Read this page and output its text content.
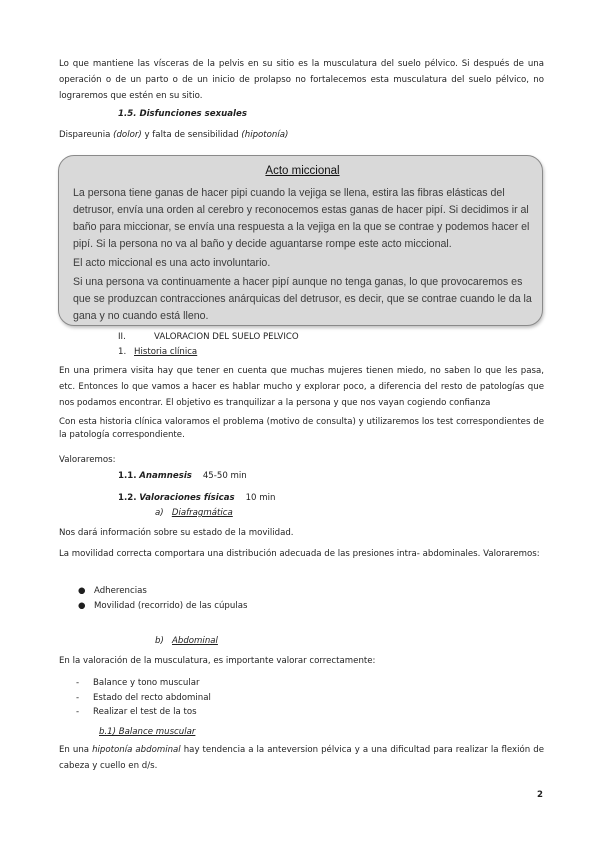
Lo que mantiene las vísceras de la pelvis en su sitio es la musculatura del suelo pélvico. Si después de una operación o de un parto o de un inicio de prolapso no fortalecemos esta musculatura del suelo pélvico, no lograremos que estén en su sitio.

1.5. Disfunciones sexuales

Dispareunia (dolor) y falta de sensibilidad (hipotonía)

Acto miccional

La persona tiene ganas de hacer pipi cuando la vejiga se llena, estira las fibras elásticas del detrusor, envía una orden al cerebro y reconocemos estas ganas de hacer pipí. Si decidimos ir al baño para miccionar, se envía una respuesta a la vejiga en la que se contrae y podemos hacer el pipí. Si la persona no va al baño y decide aguantarse rompe este acto miccional.

El acto miccional es una acto involuntario.

Si una persona va continuamente a hacer pipí aunque no tenga ganas, lo que provocaremos es que se produzcan contracciones anárquicas del detrusor, es decir, que se contrae cuando le da la gana y no cuando está lleno.

II.	VALORACION DEL SUELO PELVICO
1. Historia clínica

En una primera visita hay que tener en cuenta que muchas mujeres tienen miedo, no saben lo que les pasa, etc. Entonces lo que vamos a hacer es hablar mucho y explorar poco, a diferencia del resto de patologías que nos podamos encontrar. El objetivo es tranquilizar a la persona y que nos vayan cogiendo confianza

Con esta historia clínica valoramos el problema (motivo de consulta) y utilizaremos los test correspondientes de la patología correspondiente.

Valoraremos:

1.1. Anamnesis 45-50 min
1.2. Valoraciones físicas 10 min
a) Diafragmática

Nos dará información sobre su estado de la movilidad.

La movilidad correcta comportara una distribución adecuada de las presiones intra- abdominales. Valoraremos:

● Adherencias
● Movilidad (recorrido) de las cúpulas
b) Abdominal

En la valoración de la musculatura, es importante valorar correctamente:

- Balance y tono muscular
- Estado del recto abdominal
- Realizar el test de la tos
b.1) Balance muscular

En una hipotonía abdominal hay tendencia a la anteversion pélvica y a una dificultad para realizar la flexión de cabeza y cuello en d/s.

2
